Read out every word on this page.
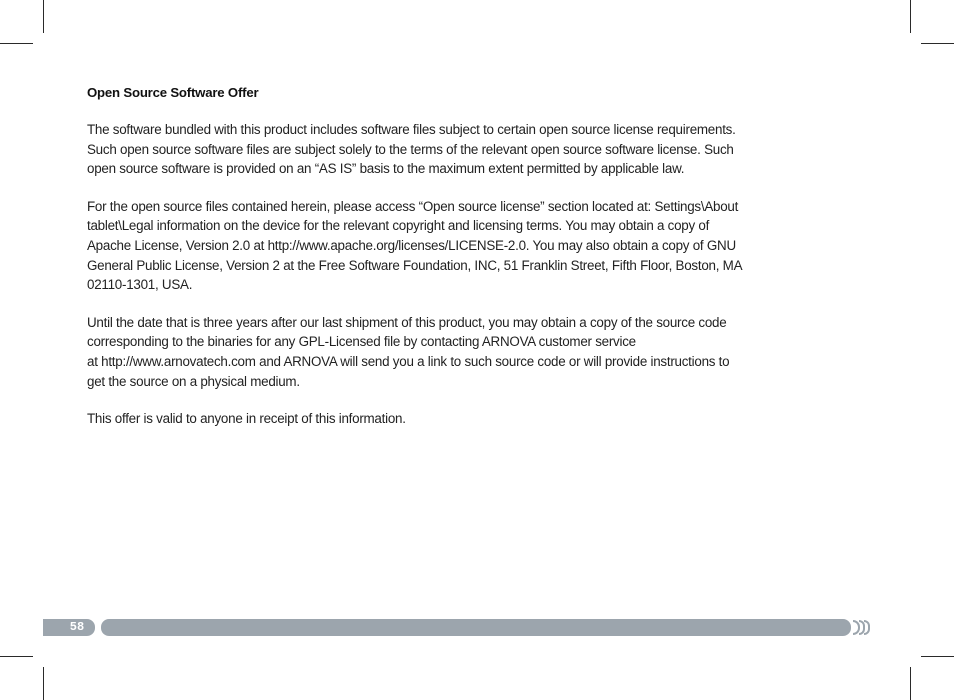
Open Source Software Offer

The software bundled with this product includes software files subject to certain open source license requirements.
Such open source software files are subject solely to the terms of the relevant open source software license. Such
open source software is provided on an “AS IS” basis to the maximum extent permitted by applicable law.

For the open source files contained herein, please access “Open source license” section located at: Settings\About
tablet\Legal information on the device for the relevant copyright and licensing terms. You may obtain a copy of
Apache License, Version 2.0 at http://www.apache.org/licenses/LICENSE-2.0. You may also obtain a copy of GNU
General Public License, Version 2 at the Free Software Foundation, INC, 51 Franklin Street, Fifth Floor, Boston, MA
02110-1301, USA.

Until the date that is three years after our last shipment of this product, you may obtain a copy of the source code
corresponding to the binaries for any GPL-Licensed file by contacting ARNOVA customer service
at http://www.arnovatech.com and ARNOVA will send you a link to such source code or will provide instructions to
get the source on a physical medium.

This offer is valid to anyone in receipt of this information.

58
